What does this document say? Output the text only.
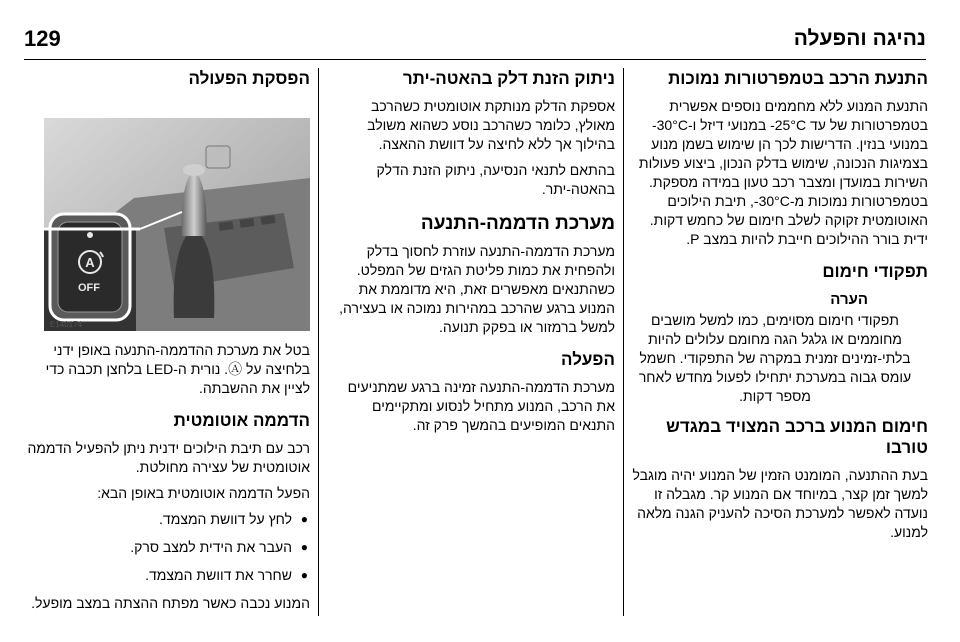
129	נהיגה והפעלה
התנעת הרכב בטמפרטורות נמוכות

התנעת המנוע ללא מחממים נוספים אפשרית בטמפרטורות של עד ‎-25°C במנועי דיזל ו-‎-30°C במנועי בנזין. הדרישות לכך הן שימוש בשמן מנוע בצמיגות הנכונה, שימוש בדלק הנכון, ביצוע פעולות השירות במועדן ומצבר רכב טעון במידה מספקת. בטמפרטורות נמוכות מ-‎-30°C, תיבת הילוכים האוטומטית זקוקה לשלב חימום של כחמש דקות. ידית בורר ההילוכים חייבת להיות במצב P.

תפקודי חימום
הערה
תפקודי חימום מסוימים, כמו למשל מושבים מחוממים או גלגל הגה מחומם עלולים להיות בלתי-זמינים זמנית במקרה של התפקודי. חשמל עומס גבוה במערכת יתחילו לפעול מחדש לאחר מספר דקות.
חימום המנוע ברכב המצויד במגדש טורבו

בעת ההתנעה, המומנט הזמין של המנוע יהיה מוגבל למשך זמן קצר, במיוחד אם המנוע קר. מגבלה זו נועדה לאפשר למערכת הסיכה להעניק הגנה מלאה למנוע.

ניתוק הזנת דלק בהאטה-יתר

אספקת הדלק מנותקת אוטומטית כשהרכב מאולץ, כלומר כשהרכב נוסע כשהוא משולב בהילוך אך ללא לחיצה על דוושת ההאצה.

בהתאם לתנאי הנסיעה, ניתוק הזנת הדלק בהאטה-יתר.

מערכת הדממה-התנעה

מערכת הדממה-התנעה עוזרת לחסוך בדלק ולהפחית את כמות פליטת הגזים של המפלט. כשהתנאים מאפשרים זאת, היא מדוממת את המנוע ברגע שהרכב במהירות נמוכה או בעצירה, למשל ברמזור או בפקק תנועה.

הפעלה

מערכת הדממה-התנעה זמינה ברגע שמתניעים את הרכב, המנוע מתחיל לנסוע ומתקיימים התנאים המופיעים בהמשך פרק זה.

הפסקת הפעולה
A
OFF
E140174

בטל את מערכת ההדממה-התנעה באופן ידני בלחיצה על Ⓐ. נורית ה-LED בלחצן תכבה כדי לציין את ההשבתה.

הדממה אוטומטית

רכב עם תיבת הילוכים ידנית ניתן להפעיל הדממה אוטומטית של עצירה מחולטת.

הפעל הדממה אוטומטית באופן הבא:

●
לחץ על דוושת המצמד.
●
העבר את הידית למצב סרק.
●
שחרר את דוושת המצמד.

המנוע נכבה כאשר מפתח ההצתה במצב מופעל.
